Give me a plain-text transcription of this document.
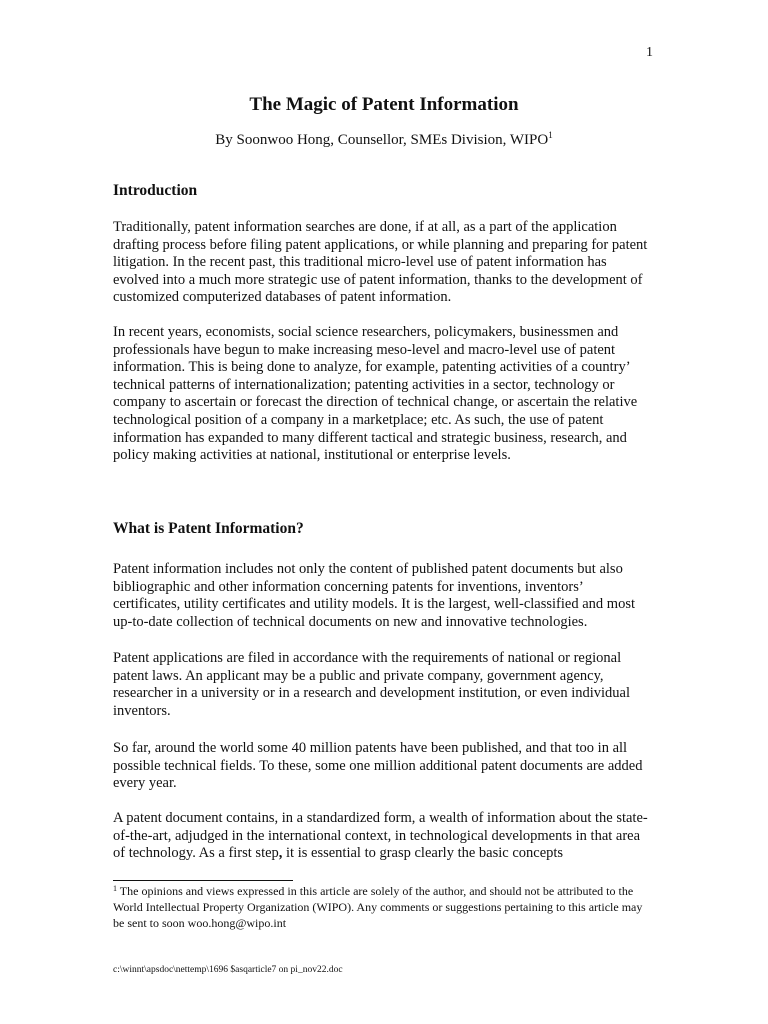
1
The Magic of Patent Information
By Soonwoo Hong, Counsellor, SMEs Division, WIPO$^1$
Introduction
Traditionally, patent information searches are done, if at all, as a part of the application drafting process before filing patent applications, or while planning and preparing for patent litigation. In the recent past, this traditional micro-level use of patent information has evolved into a much more strategic use of patent information, thanks to the development of customized computerized databases of patent information.
In recent years, economists, social science researchers, policymakers, businessmen and professionals have begun to make increasing meso-level and macro-level use of patent information. This is being done to analyze, for example, patenting activities of a country’ technical patterns of internationalization; patenting activities in a sector, technology or company to ascertain or forecast the direction of technical change, or ascertain the relative technological position of a company in a marketplace; etc. As such, the use of patent information has expanded to many different tactical and strategic business, research, and policy making activities at national, institutional or enterprise levels.
What is Patent Information?
Patent information includes not only the content of published patent documents but also bibliographic and other information concerning patents for inventions, inventors’ certificates, utility certificates and utility models. It is the largest, well-classified and most up-to-date collection of technical documents on new and innovative technologies.
Patent applications are filed in accordance with the requirements of national or regional patent laws. An applicant may be a public and private company, government agency, researcher in a university or in a research and development institution, or even individual inventors.
So far, around the world some 40 million patents have been published, and that too in all possible technical fields. To these, some one million additional patent documents are added every year.
A patent document contains, in a standardized form, a wealth of information about the state-of-the-art, adjudged in the international context, in technological developments in that area of technology. As a first step, it is essential to grasp clearly the basic concepts
$^1$ The opinions and views expressed in this article are solely of the author, and should not be attributed to the World Intellectual Property Organization (WIPO). Any comments or suggestions pertaining to this article may be sent to soon woo.hong@wipo.int
c:\winnt\apsdoc\nettemp\1696 $asqarticle7 on pi_nov22.doc
